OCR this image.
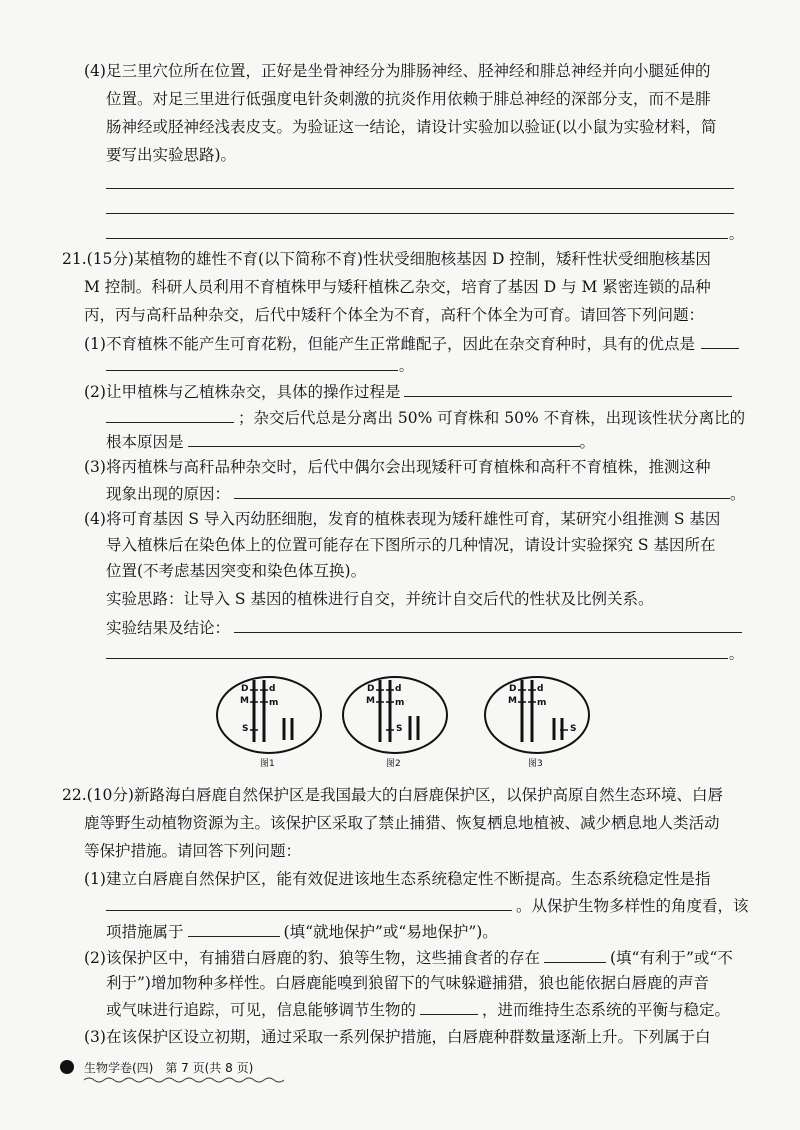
(4)足三里穴位所在位置，正好是坐骨神经分为腓肠神经、胫神经和腓总神经并向小腿延伸的
位置。对足三里进行低强度电针灸刺激的抗炎作用依赖于腓总神经的深部分支，而不是腓
肠神经或胫神经浅表皮支。为验证这一结论，请设计实验加以验证(以小鼠为实验材料，简
要写出实验思路)。
。
21.(15分)某植物的雄性不育(以下简称不育)性状受细胞核基因 D 控制，矮秆性状受细胞核基因
M 控制。科研人员利用不育植株甲与矮秆植株乙杂交，培育了基因 D 与 M 紧密连锁的品种
丙，丙与高秆品种杂交，后代中矮秆个体全为不育，高秆个体全为可育。请回答下列问题：
(1)不育植株不能产生可育花粉，但能产生正常雌配子，因此在杂交育种时，具有的优点是
。
(2)让甲植株与乙植株杂交，具体的操作过程是
；杂交后代总是分离出 50% 可育株和 50% 不育株，出现该性状分离比的
根本原因是	。
(3)将丙植株与高秆品种杂交时，后代中偶尔会出现矮秆可育植株和高秆不育植株，推测这种
现象出现的原因：	。
(4)将可育基因 S 导入丙幼胚细胞，发育的植株表现为矮秆雄性可育，某研究小组推测 S 基因
导入植株后在染色体上的位置可能存在下图所示的几种情况，请设计实验探究 S 基因所在
位置(不考虑基因突变和染色体互换)。
实验思路：让导入 S 基因的植株进行自交，并统计自交后代的性状及比例关系。
实验结果及结论：
。
D d
M m
S
图1
D d
M m
S
图2
D d
M m
S
图3
22.(10分)新路海白唇鹿自然保护区是我国最大的白唇鹿保护区，以保护高原自然生态环境、白唇
鹿等野生动植物资源为主。该保护区采取了禁止捕猎、恢复栖息地植被、减少栖息地人类活动
等保护措施。请回答下列问题：
(1)建立白唇鹿自然保护区，能有效促进该地生态系统稳定性不断提高。生态系统稳定性是指
。从保护生物多样性的角度看，该
项措施属于	(填“就地保护”或“易地保护”)。
(2)该保护区中，有捕猎白唇鹿的豹、狼等生物，这些捕食者的存在	(填“有利于”或“不
利于”)增加物种多样性。白唇鹿能嗅到狼留下的气味躲避捕猎，狼也能依据白唇鹿的声音
或气味进行追踪，可见，信息能够调节生物的	，进而维持生态系统的平衡与稳定。
(3)在该保护区设立初期，通过采取一系列保护措施，白唇鹿种群数量逐渐上升。下列属于白
生物学卷(四)　第 7 页(共 8 页)
